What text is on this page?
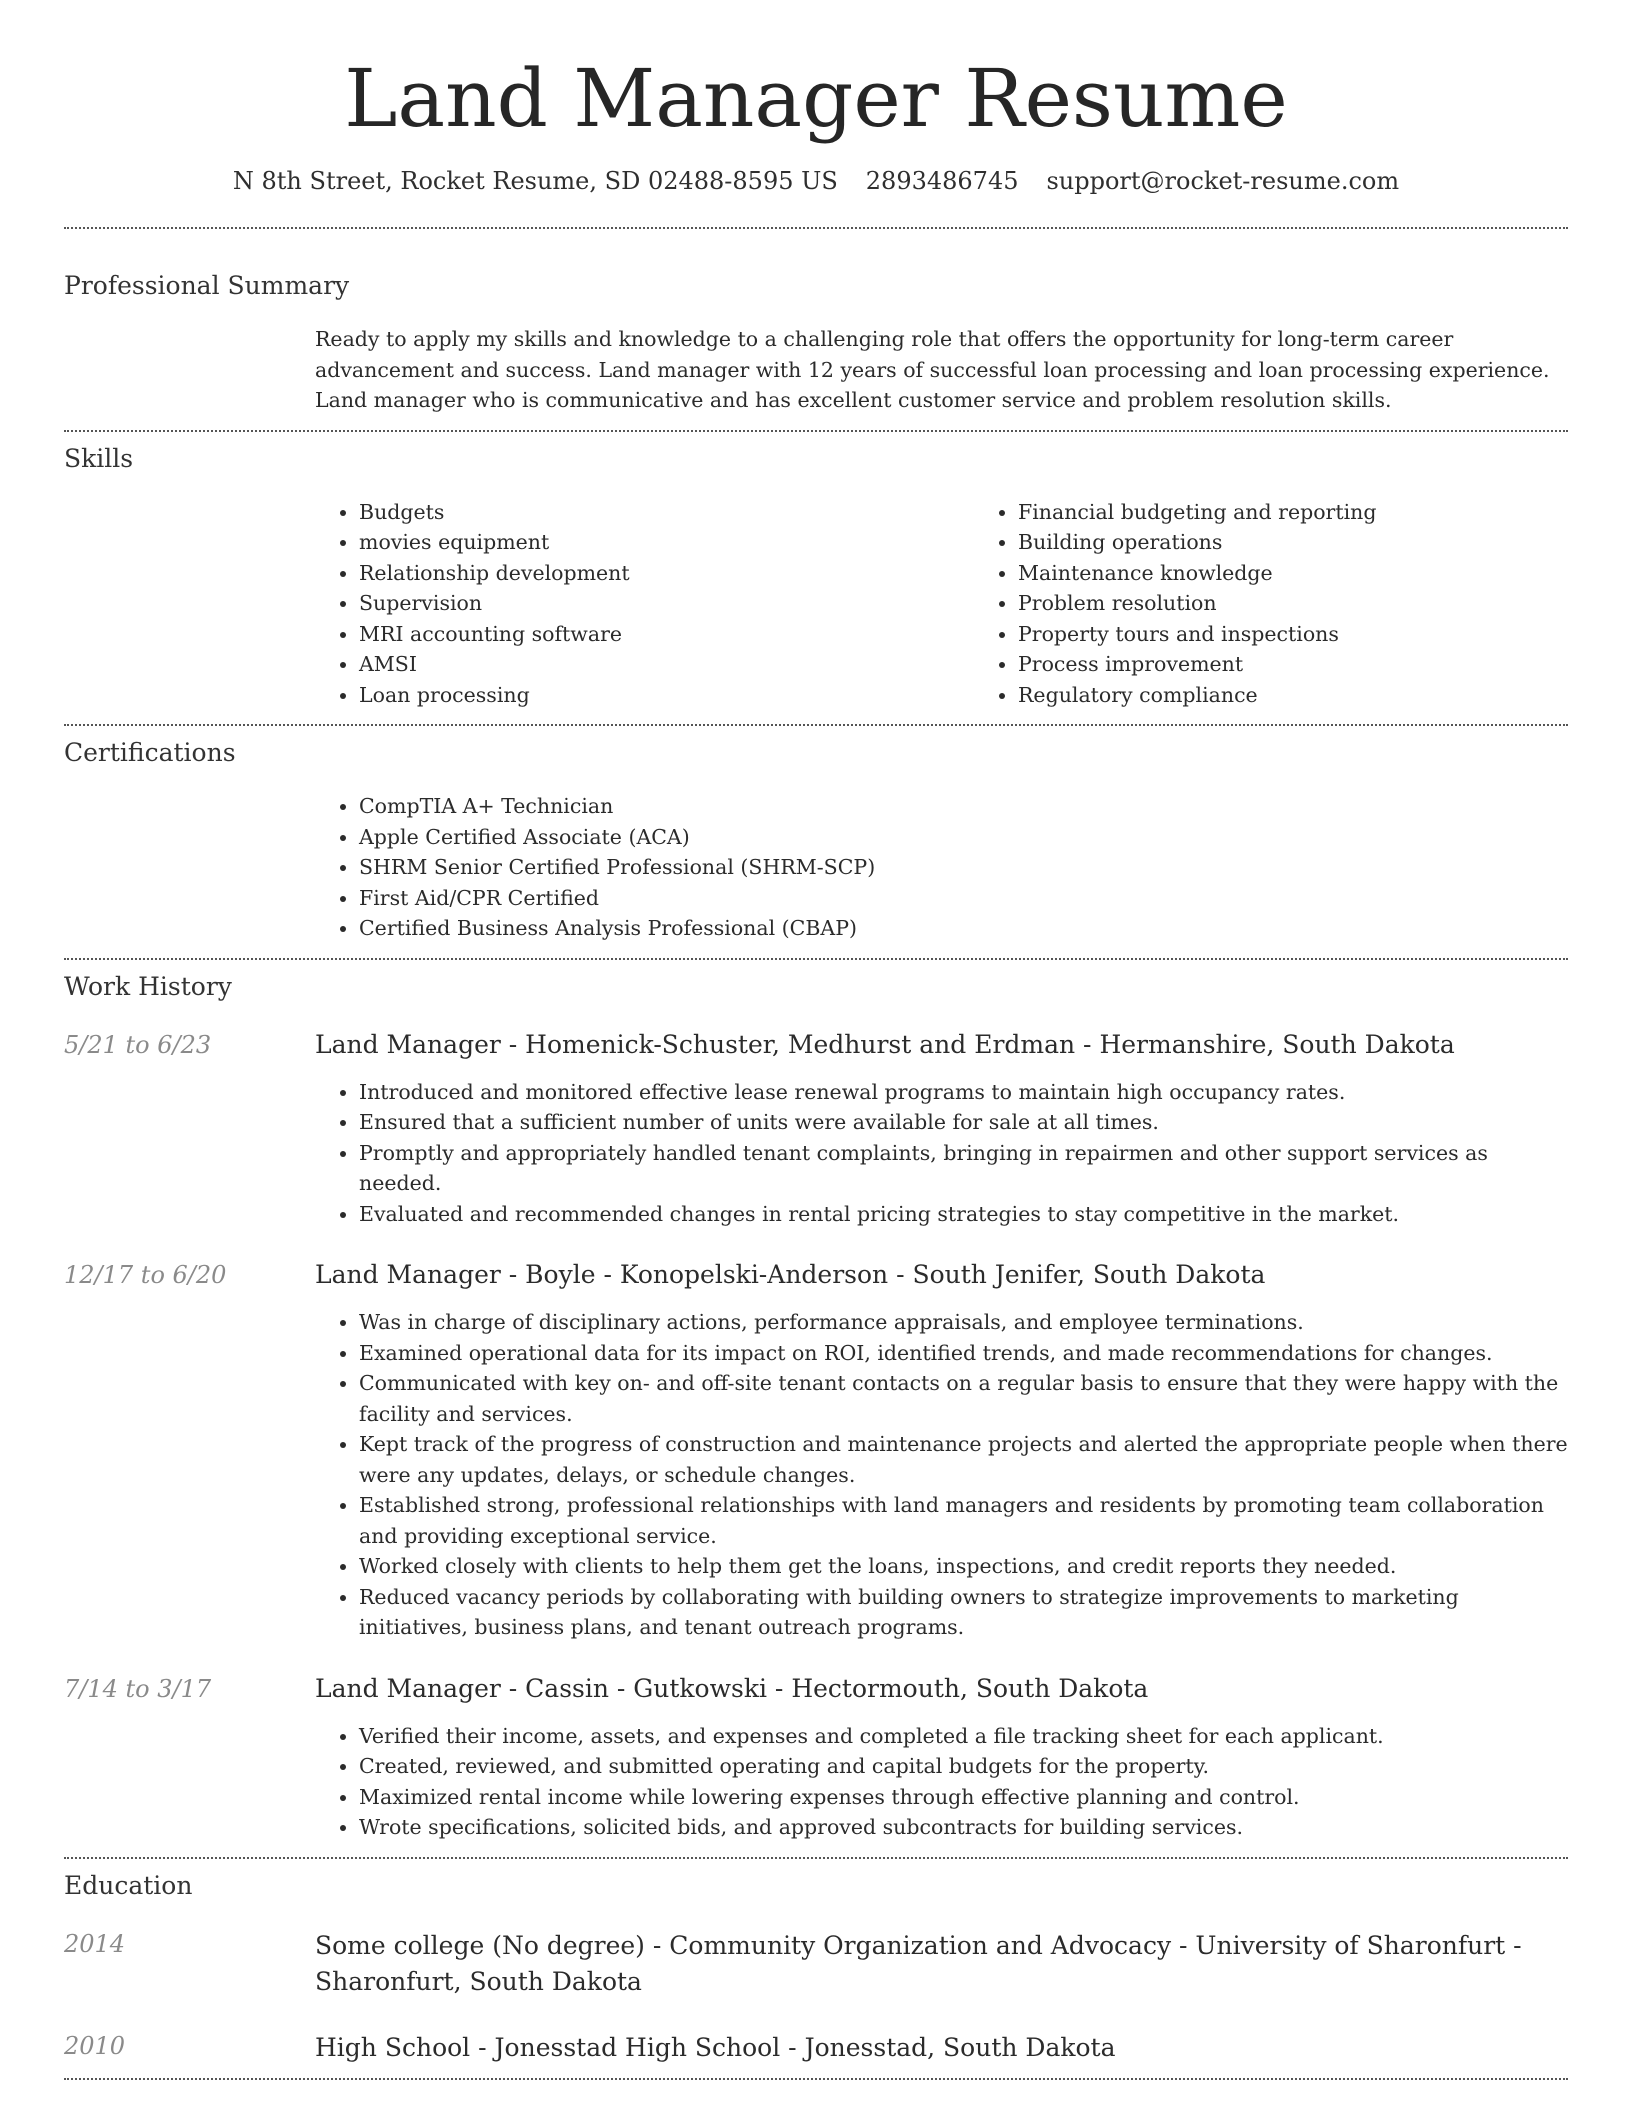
Land Manager Resume
N 8th Street, Rocket Resume, SD 02488-8595 US 2893486745 support@rocket-resume.com
Professional Summary

Ready to apply my skills and knowledge to a challenging role that offers the opportunity for long-term career advancement and success. Land manager with 12 years of successful loan processing and loan processing experience. Land manager who is communicative and has excellent customer service and problem resolution skills.

Skills
• Budgets
• movies equipment
• Relationship development
• Supervision
• MRI accounting software
• AMSI
• Loan processing
• Financial budgeting and reporting
• Building operations
• Maintenance knowledge
• Problem resolution
• Property tours and inspections
• Process improvement
• Regulatory compliance
Certifications
• CompTIA A+ Technician
• Apple Certified Associate (ACA)
• SHRM Senior Certified Professional (SHRM-SCP)
• First Aid/CPR Certified
• Certified Business Analysis Professional (CBAP)
Work History
5/21 to 6/23	Land Manager - Homenick-Schuster, Medhurst and Erdman - Hermanshire, South Dakota
• Introduced and monitored effective lease renewal programs to maintain high occupancy rates.
• Ensured that a sufficient number of units were available for sale at all times.
• Promptly and appropriately handled tenant complaints, bringing in repairmen and other support services as needed.
• Evaluated and recommended changes in rental pricing strategies to stay competitive in the market.
12/17 to 6/20	Land Manager - Boyle - Konopelski-Anderson - South Jenifer, South Dakota
• Was in charge of disciplinary actions, performance appraisals, and employee terminations.
• Examined operational data for its impact on ROI, identified trends, and made recommendations for changes.
• Communicated with key on- and off-site tenant contacts on a regular basis to ensure that they were happy with the facility and services.
• Kept track of the progress of construction and maintenance projects and alerted the appropriate people when there were any updates, delays, or schedule changes.
• Established strong, professional relationships with land managers and residents by promoting team collaboration and providing exceptional service.
• Worked closely with clients to help them get the loans, inspections, and credit reports they needed.
• Reduced vacancy periods by collaborating with building owners to strategize improvements to marketing initiatives, business plans, and tenant outreach programs.
7/14 to 3/17	Land Manager - Cassin - Gutkowski - Hectormouth, South Dakota
• Verified their income, assets, and expenses and completed a file tracking sheet for each applicant.
• Created, reviewed, and submitted operating and capital budgets for the property.
• Maximized rental income while lowering expenses through effective planning and control.
• Wrote specifications, solicited bids, and approved subcontracts for building services.
Education
2014	Some college (No degree) - Community Organization and Advocacy - University of Sharonfurt - Sharonfurt, South Dakota
2010	High School - Jonesstad High School - Jonesstad, South Dakota
